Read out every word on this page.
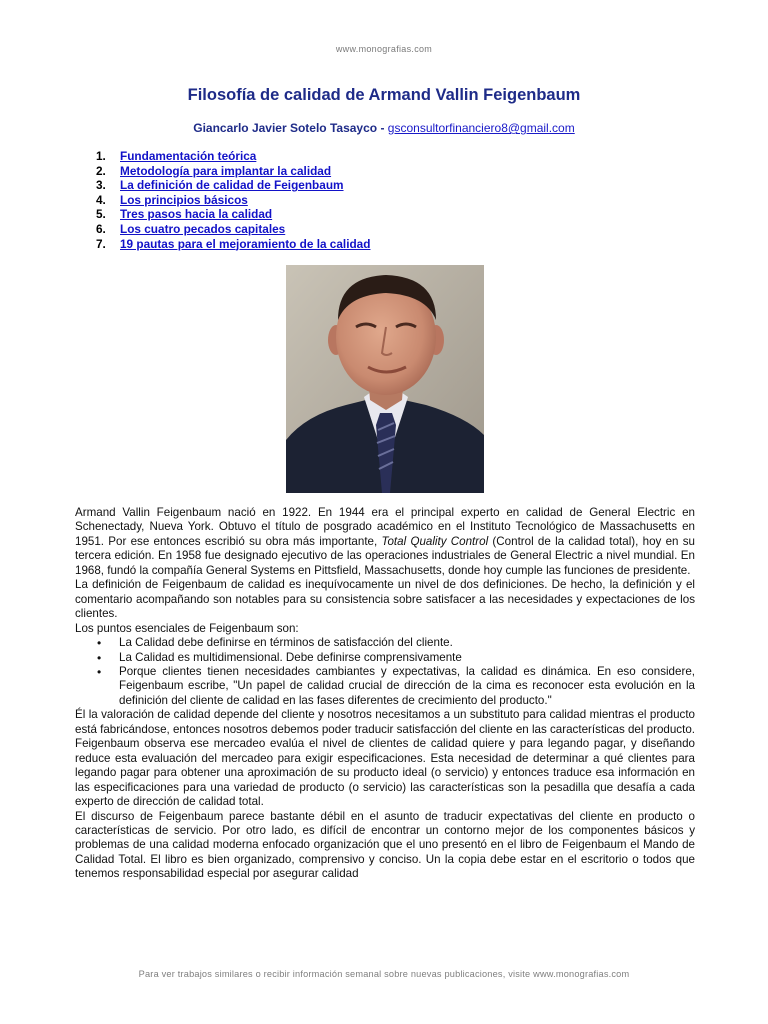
www.monografias.com
Filosofía de calidad de Armand Vallin Feigenbaum
Giancarlo Javier Sotelo Tasayco - gsconsultorfinanciero8@gmail.com
1.	Fundamentación teórica
2.	Metodología para implantar la calidad
3.	La definición de calidad de Feigenbaum
4.	Los principios básicos
5.	Tres pasos hacia la calidad
6.	Los cuatro pecados capitales
7.	19 pautas para el mejoramiento de la calidad

Armand Vallin Feigenbaum nació en 1922. En 1944 era el principal experto en calidad de General Electric en Schenectady, Nueva York. Obtuvo el título de posgrado académico en el Instituto Tecnológico de Massachusetts en 1951. Por ese entonces escribió su obra más importante, Total Quality Control (Control de la calidad total), hoy en su tercera edición. En 1958 fue designado ejecutivo de las operaciones industriales de General Electric a nivel mundial. En 1968, fundó la compañía General Systems en Pittsfield, Massachusetts, donde hoy cumple las funciones de presidente.

La definición de Feigenbaum de calidad es inequívocamente un nivel de dos definiciones. De hecho, la definición y el comentario acompañando son notables para su consistencia sobre satisfacer a las necesidades y expectaciones de los clientes.

Los puntos esenciales de Feigenbaum son:

• La Calidad debe definirse en términos de satisfacción del cliente.
• La Calidad es multidimensional. Debe definirse comprensivamente
• Porque clientes tienen necesidades cambiantes y expectativas, la calidad es dinámica. En eso considere, Feigenbaum escribe, "Un papel de calidad crucial de dirección de la cima es reconocer esta evolución en la definición del cliente de calidad en las fases diferentes de crecimiento del producto."

Él la valoración de calidad depende del cliente y nosotros necesitamos a un substituto para calidad mientras el producto está fabricándose, entonces nosotros debemos poder traducir satisfacción del cliente en las características del producto. Feigenbaum observa ese mercadeo evalúa el nivel de clientes de calidad quiere y para legando pagar, y diseñando reduce esta evaluación del mercadeo para exigir especificaciones. Esta necesidad de determinar a qué clientes para legando pagar para obtener una aproximación de su producto ideal (o servicio) y entonces traduce esa información en las especificaciones para una variedad de producto (o servicio) las características son la pesadilla que desafía a cada experto de dirección de calidad total.

El discurso de Feigenbaum parece bastante débil en el asunto de traducir expectativas del cliente en producto o características de servicio. Por otro lado, es difícil de encontrar un contorno mejor de los componentes básicos y problemas de una calidad moderna enfocado organización que el uno presentó en el libro de Feigenbaum el Mando de Calidad Total. El libro es bien organizado, comprensivo y conciso. Un la copia debe estar en el escritorio o todos que tenemos responsabilidad especial por asegurar calidad

Para ver trabajos similares o recibir información semanal sobre nuevas publicaciones, visite www.monografias.com
